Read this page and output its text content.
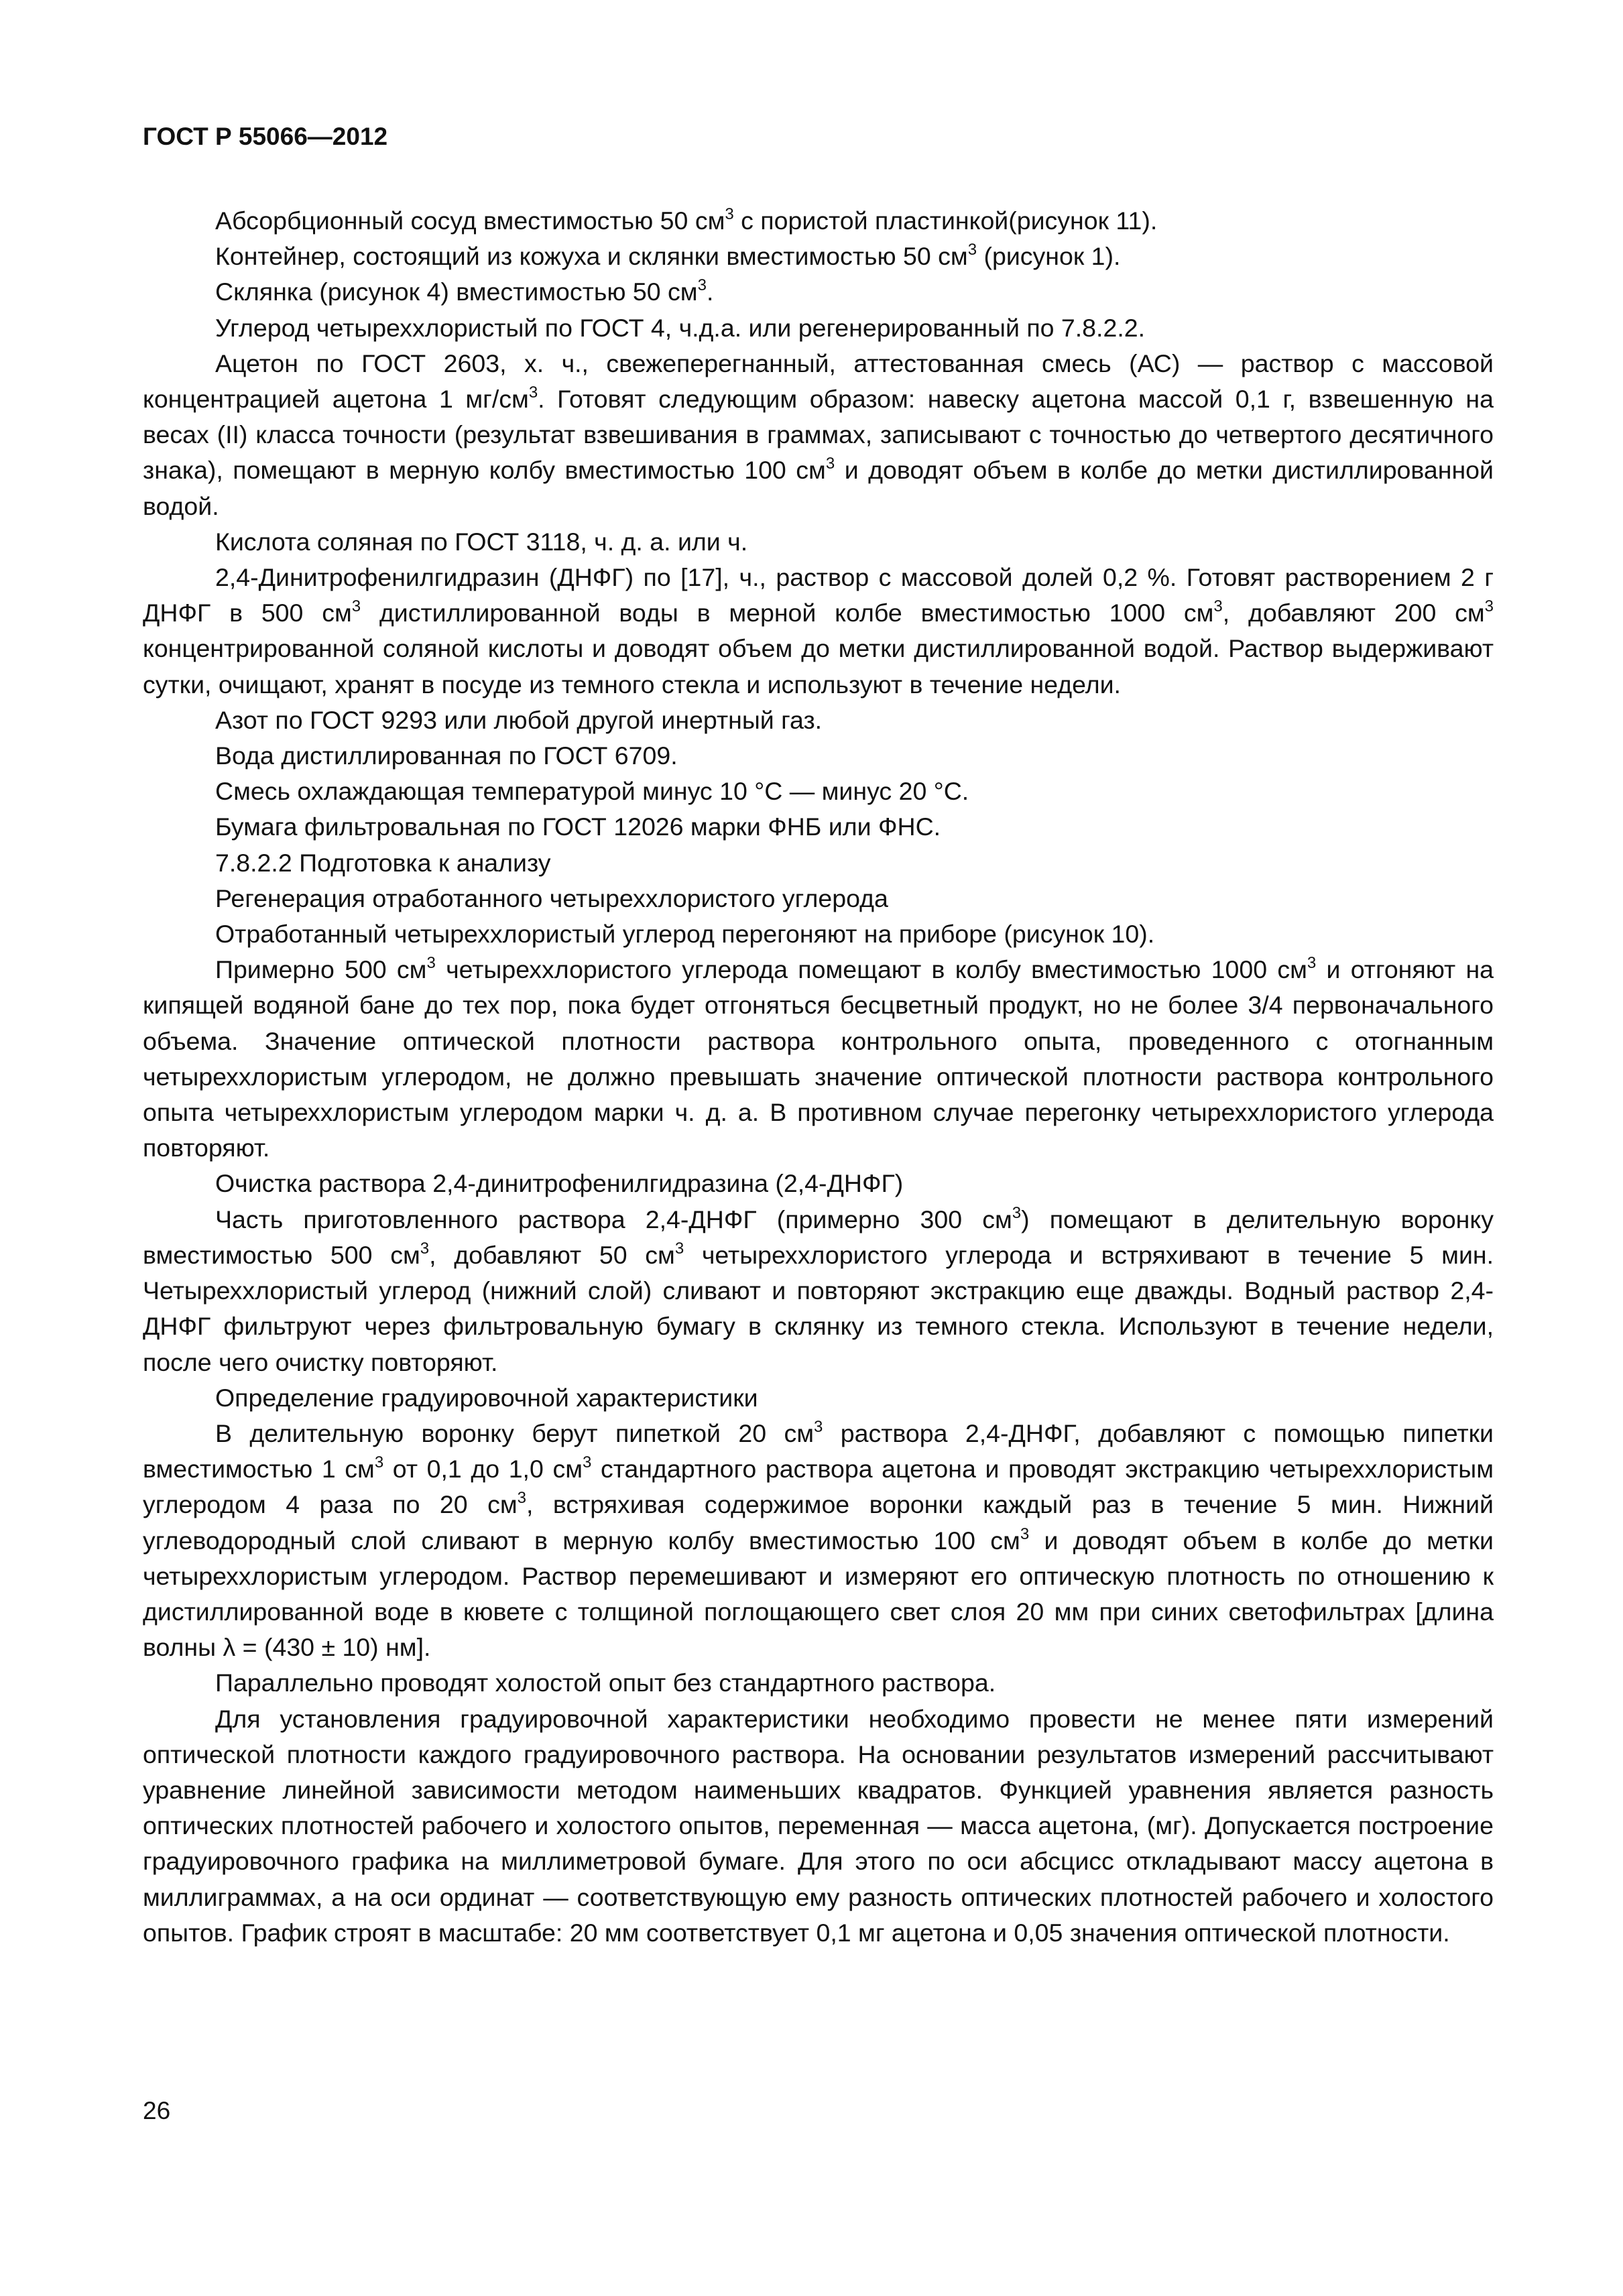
ГОСТ Р 55066—2012

Абсорбционный сосуд вместимостью 50 $см^3$ с пористой пластинкой(рисунок 11).

Контейнер, состоящий из кожуха и склянки вместимостью 50 $см^3$ (рисунок 1).

Склянка (рисунок 4) вместимостью 50 $см^3$.

Углерод четыреххлористый по ГОСТ 4, ч.д.а. или регенерированный по 7.8.2.2.

Ацетон по ГОСТ 2603, х. ч., свежеперегнанный, аттестованная смесь (АС) — раствор с массовой концентрацией ацетона 1 $мг/см^3$. Готовят следующим образом: навеску ацетона массой 0,1 г, взвешенную на весах (II) класса точности (результат взвешивания в граммах, записывают с точностью до четвертого десятичного знака), помещают в мерную колбу вместимостью 100 $см^3$ и доводят объем в колбе до метки дистиллированной водой.

Кислота соляная по ГОСТ 3118, ч. д. а. или ч.

2,4-Динитрофенилгидразин (ДНФГ) по [17], ч., раствор с массовой долей 0,2 %. Готовят растворением 2 г ДНФГ в 500 $см^3$ дистиллированной воды в мерной колбе вместимостью 1000 $см^3$, добавляют 200 $см^3$ концентрированной соляной кислоты и доводят объем до метки дистиллированной водой. Раствор выдерживают сутки, очищают, хранят в посуде из темного стекла и используют в течение недели.

Азот по ГОСТ 9293 или любой другой инертный газ.

Вода дистиллированная по ГОСТ 6709.

Смесь охлаждающая температурой минус 10 °С — минус 20 °С.

Бумага фильтровальная по ГОСТ 12026 марки ФНБ или ФНС.

7.8.2.2 Подготовка к анализу

Регенерация отработанного четыреххлористого углерода

Отработанный четыреххлористый углерод перегоняют на приборе (рисунок 10).

Примерно 500 $см^3$ четыреххлористого углерода помещают в колбу вместимостью 1000 $см^3$ и отгоняют на кипящей водяной бане до тех пор, пока будет отгоняться бесцветный продукт, но не более 3/4 первоначального объема. Значение оптической плотности раствора контрольного опыта, проведенного с отогнанным четыреххлористым углеродом, не должно превышать значение оптической плотности раствора контрольного опыта четыреххлористым углеродом марки ч. д. а. В противном случае перегонку четыреххлористого углерода повторяют.

Очистка раствора 2,4-динитрофенилгидразина (2,4-ДНФГ)

Часть приготовленного раствора 2,4-ДНФГ (примерно 300 $см^3$) помещают в делительную воронку вместимостью 500 $см^3$, добавляют 50 $см^3$ четыреххлористого углерода и встряхивают в течение 5 мин. Четыреххлористый углерод (нижний слой) сливают и повторяют экстракцию еще дважды. Водный раствор 2,4-ДНФГ фильтруют через фильтровальную бумагу в склянку из темного стекла. Используют в течение недели, после чего очистку повторяют.

Определение градуировочной характеристики

В делительную воронку берут пипеткой 20 $см^3$ раствора 2,4-ДНФГ, добавляют с помощью пипетки вместимостью 1 $см^3$ от 0,1 до 1,0 $см^3$ стандартного раствора ацетона и проводят экстракцию четыреххлористым углеродом 4 раза по 20 $см^3$, встряхивая содержимое воронки каждый раз в течение 5 мин. Нижний углеводородный слой сливают в мерную колбу вместимостью 100 $см^3$ и доводят объем в колбе до метки четыреххлористым углеродом. Раствор перемешивают и измеряют его оптическую плотность по отношению к дистиллированной воде в кювете с толщиной поглощающего свет слоя 20 мм при синих светофильтрах [длина волны λ = (430 ± 10) нм].

Параллельно проводят холостой опыт без стандартного раствора.

Для установления градуировочной характеристики необходимо провести не менее пяти измерений оптической плотности каждого градуировочного раствора. На основании результатов измерений рассчитывают уравнение линейной зависимости методом наименьших квадратов. Функцией уравнения является разность оптических плотностей рабочего и холостого опытов, переменная — масса ацетона, (мг). Допускается построение градуировочного графика на миллиметровой бумаге. Для этого по оси абсцисс откладывают массу ацетона в миллиграммах, а на оси ординат — соответствующую ему разность оптических плотностей рабочего и холостого опытов. График строят в масштабе: 20 мм соответствует 0,1 мг ацетона и 0,05 значения оптической плотности.

26
